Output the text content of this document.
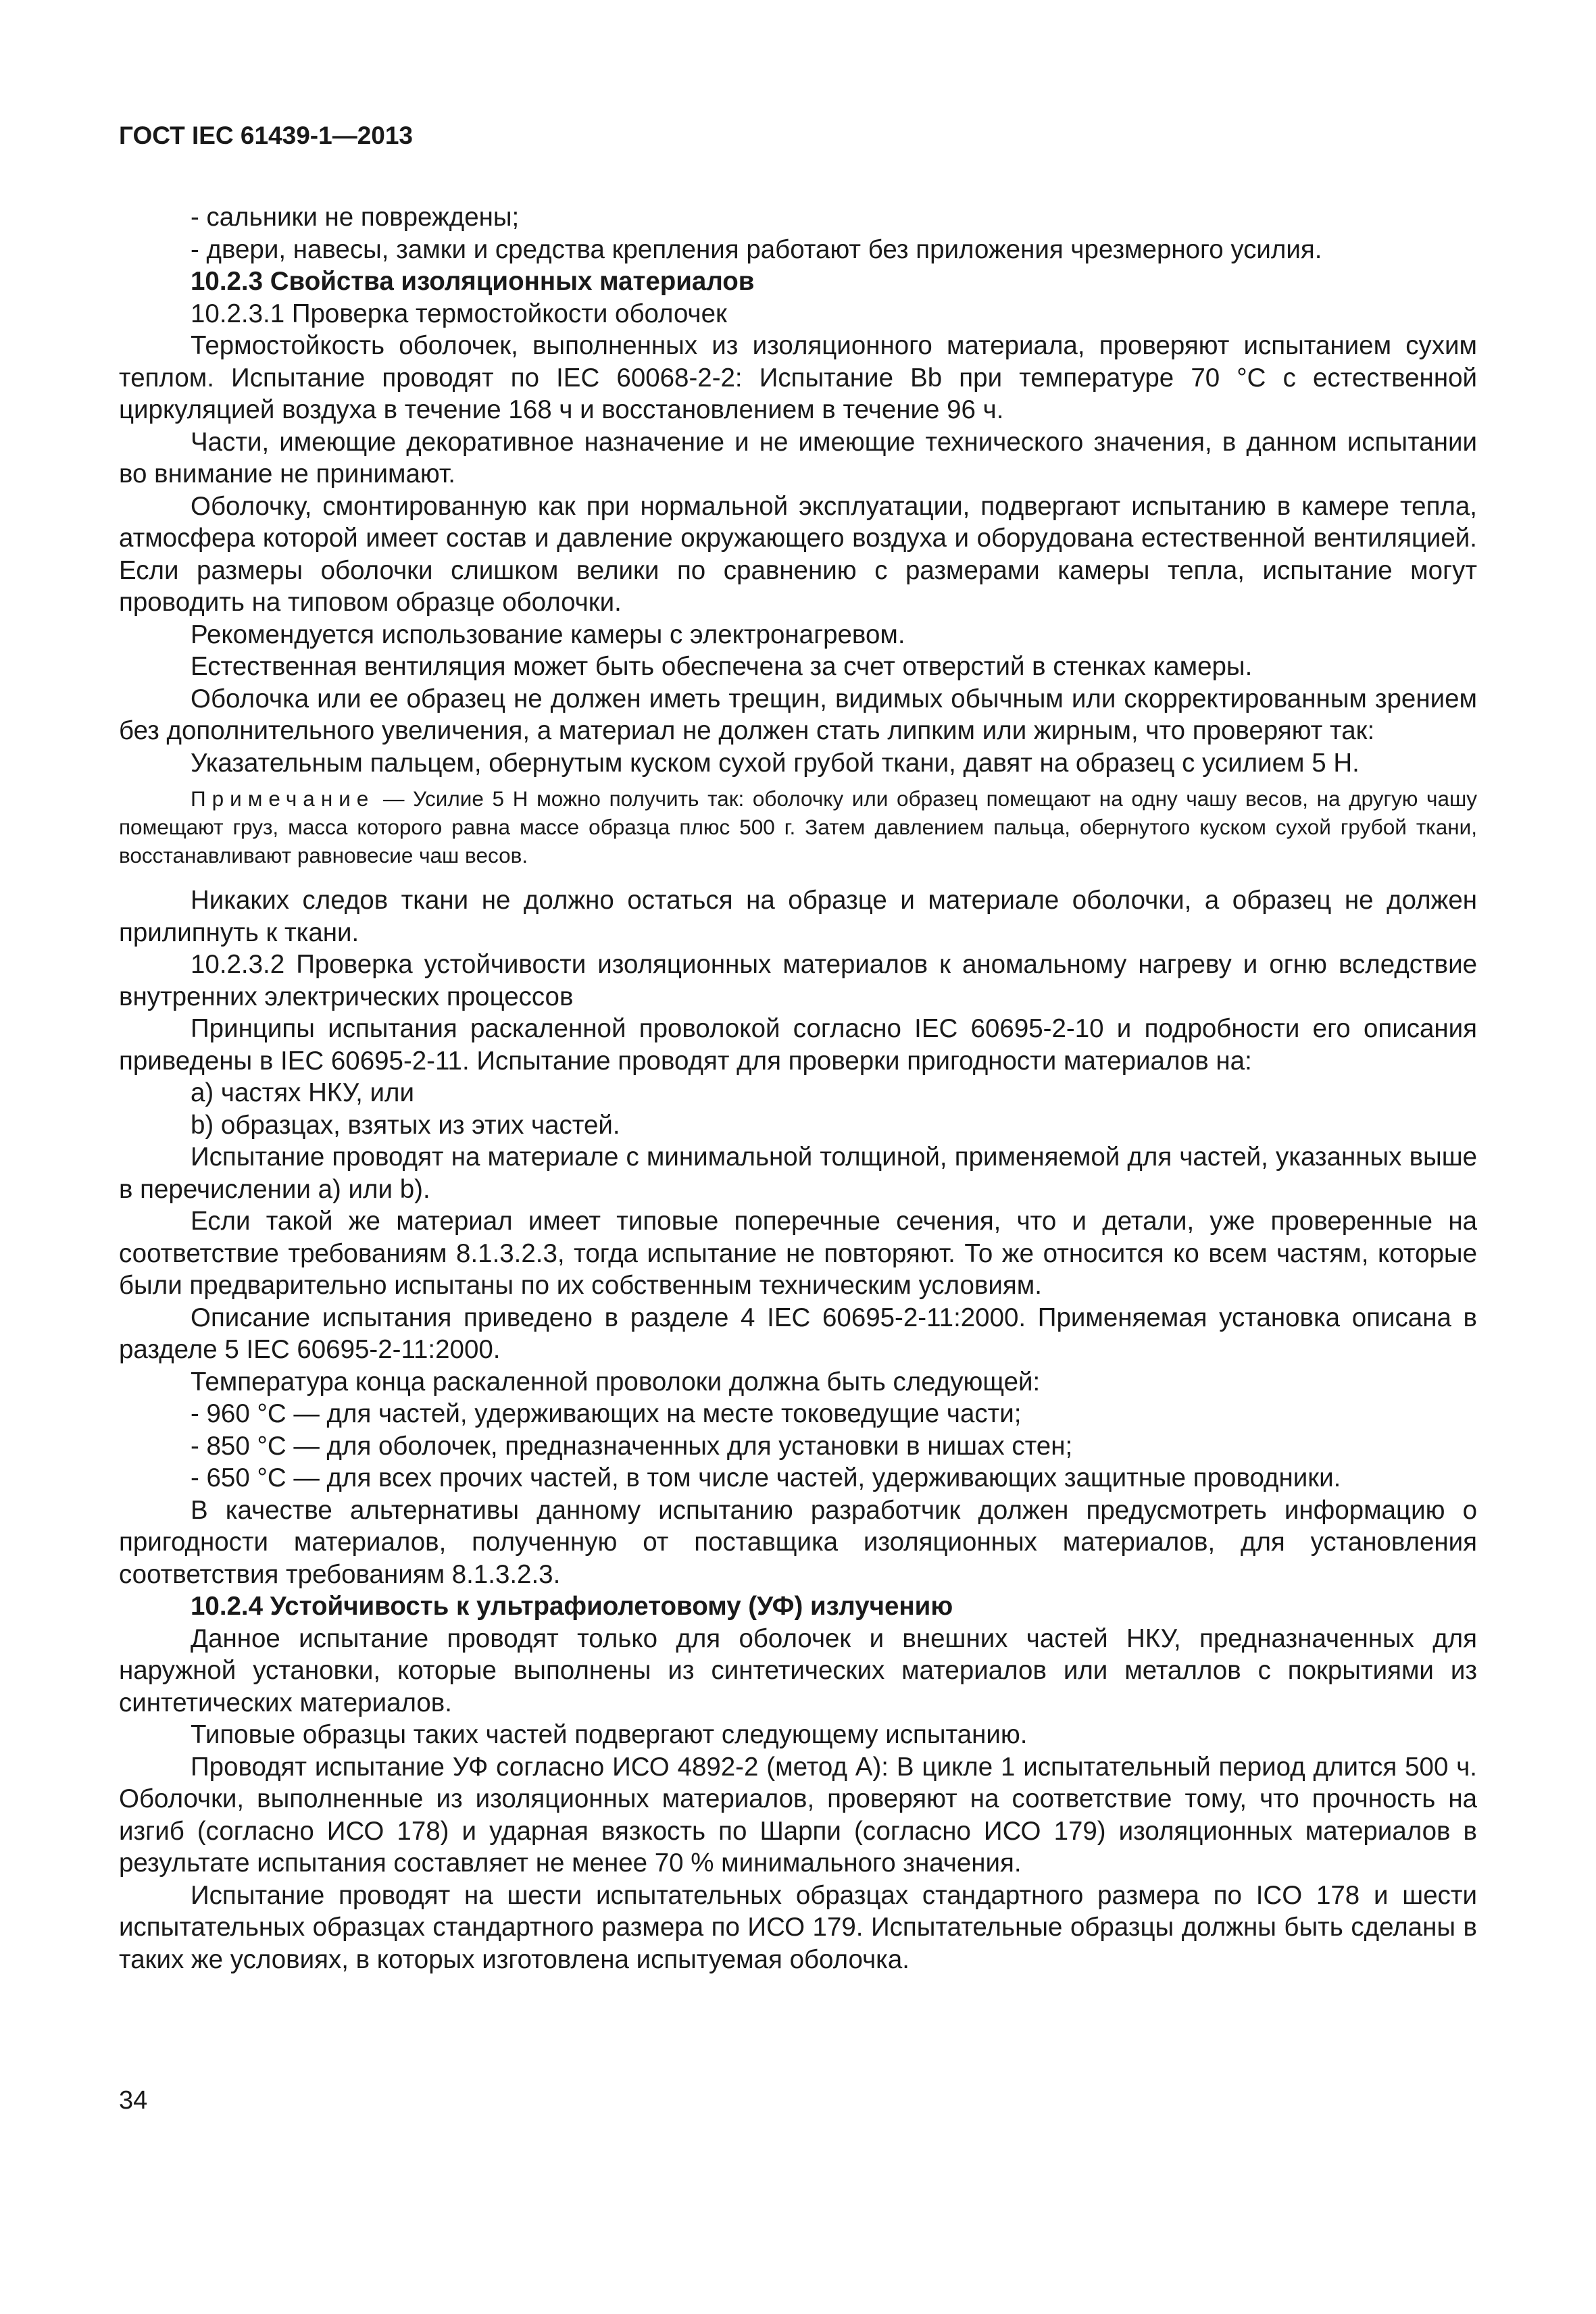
ГОСТ IEC 61439-1—2013

- сальники не повреждены;

- двери, навесы, замки и средства крепления работают без приложения чрезмерного усилия.

10.2.3 Свойства изоляционных материалов

10.2.3.1 Проверка термостойкости оболочек

Термостойкость оболочек, выполненных из изоляционного материала, проверяют испытанием сухим теплом. Испытание проводят по IEC 60068-2-2: Испытание Bb при температуре 70 °С с естественной циркуляцией воздуха в течение 168 ч и восстановлением в течение 96 ч.

Части, имеющие декоративное назначение и не имеющие технического значения, в данном испытании во внимание не принимают.

Оболочку, смонтированную как при нормальной эксплуатации, подвергают испытанию в камере тепла, атмосфера которой имеет состав и давление окружающего воздуха и оборудована естественной вентиляцией. Если размеры оболочки слишком велики по сравнению с размерами камеры тепла, испытание могут проводить на типовом образце оболочки.

Рекомендуется использование камеры с электронагревом.

Естественная вентиляция может быть обеспечена за счет отверстий в стенках камеры.

Оболочка или ее образец не должен иметь трещин, видимых обычным или скорректированным зрением без дополнительного увеличения, а материал не должен стать липким или жирным, что проверяют так:

Указательным пальцем, обернутым куском сухой грубой ткани, давят на образец с усилием 5 Н.

Примечание — Усилие 5 Н можно получить так: оболочку или образец помещают на одну чашу весов, на другую чашу помещают груз, масса которого равна массе образца плюс 500 г. Затем давлением пальца, обернутого куском сухой грубой ткани, восстанавливают равновесие чаш весов.

Никаких следов ткани не должно остаться на образце и материале оболочки, а образец не должен прилипнуть к ткани.

10.2.3.2 Проверка устойчивости изоляционных материалов к аномальному нагреву и огню вследствие внутренних электрических процессов

Принципы испытания раскаленной проволокой согласно IEC 60695-2-10 и подробности его описания приведены в IEC 60695-2-11. Испытание проводят для проверки пригодности материалов на:

а) частях НКУ, или

b) образцах, взятых из этих частей.

Испытание проводят на материале с минимальной толщиной, применяемой для частей, указанных выше в перечислении а) или b).

Если такой же материал имеет типовые поперечные сечения, что и детали, уже проверенные на соответствие требованиям 8.1.3.2.3, тогда испытание не повторяют. То же относится ко всем частям, которые были предварительно испытаны по их собственным техническим условиям.

Описание испытания приведено в разделе 4 IEC 60695-2-11:2000. Применяемая установка описана в разделе 5 IEC 60695-2-11:2000.

Температура конца раскаленной проволоки должна быть следующей:

- 960 °С — для частей, удерживающих на месте токоведущие части;

- 850 °С — для оболочек, предназначенных для установки в нишах стен;

- 650 °С — для всех прочих частей, в том числе частей, удерживающих защитные проводники.

В качестве альтернативы данному испытанию разработчик должен предусмотреть информацию о пригодности материалов, полученную от поставщика изоляционных материалов, для установления соответствия требованиям 8.1.3.2.3.

10.2.4 Устойчивость к ультрафиолетовому (УФ) излучению

Данное испытание проводят только для оболочек и внешних частей НКУ, предназначенных для наружной установки, которые выполнены из синтетических материалов или металлов с покрытиями из синтетических материалов.

Типовые образцы таких частей подвергают следующему испытанию.

Проводят испытание УФ согласно ИСО 4892-2 (метод А): В цикле 1 испытательный период длится 500 ч. Оболочки, выполненные из изоляционных материалов, проверяют на соответствие тому, что прочность на изгиб (согласно ИСО 178) и ударная вязкость по Шарпи (согласно ИСО 179) изоляционных материалов в результате испытания составляет не менее 70 % минимального значения.

Испытание проводят на шести испытательных образцах стандартного размера по ICO 178 и шести испытательных образцах стандартного размера по ИСО 179. Испытательные образцы должны быть сделаны в таких же условиях, в которых изготовлена испытуемая оболочка.

34
